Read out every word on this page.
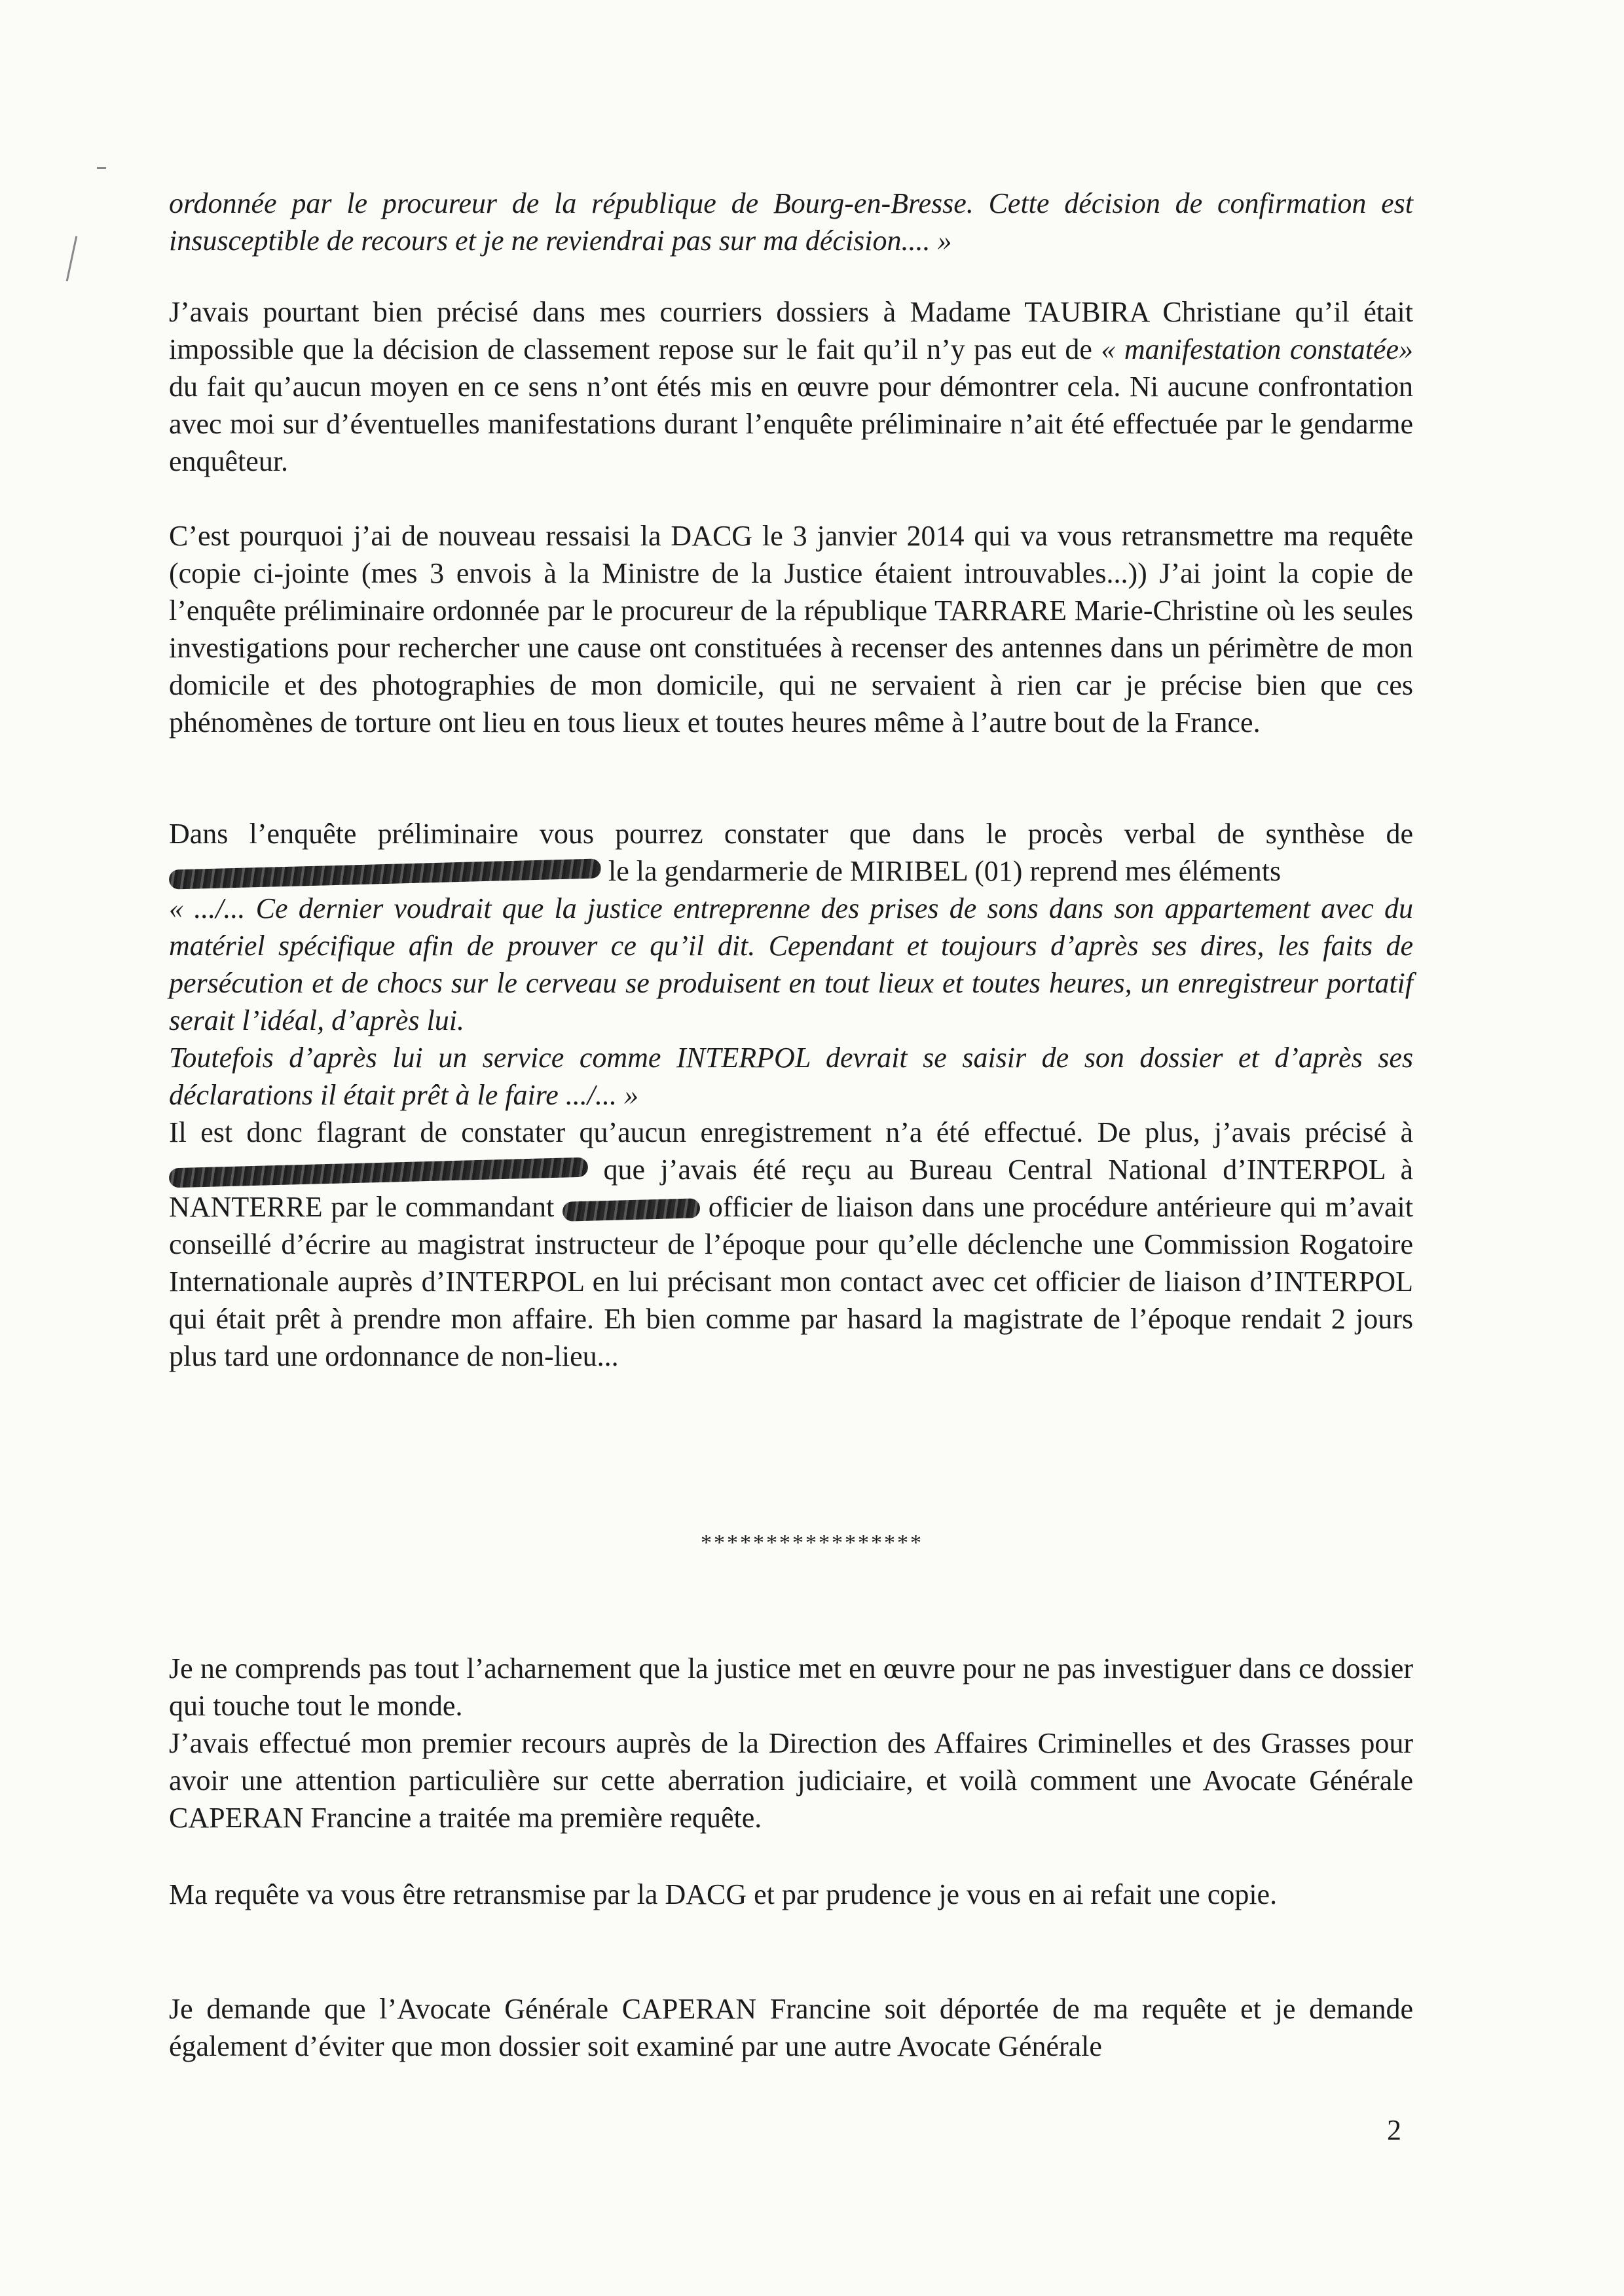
ordonnée par le procureur de la république de Bourg-en-Bresse. Cette décision de confirmation est insusceptible de recours et je ne reviendrai pas sur ma décision.... »

J’avais pourtant bien précisé dans mes courriers dossiers à Madame TAUBIRA Christiane qu’il était impossible que la décision de classement repose sur le fait qu’il n’y pas eut de « manifestation constatée» du fait qu’aucun moyen en ce sens n’ont étés mis en œuvre pour démontrer cela. Ni aucune confrontation avec moi sur d’éventuelles manifestations durant l’enquête préliminaire n’ait été effectuée par le gendarme enquêteur.

C’est pourquoi j’ai de nouveau ressaisi la DACG le 3 janvier 2014 qui va vous retransmettre ma requête (copie ci-jointe (mes 3 envois à la Ministre de la Justice étaient introuvables...)) J’ai joint la copie de l’enquête préliminaire ordonnée par le procureur de la république TARRARE Marie-Christine où les seules investigations pour rechercher une cause ont constituées à recenser des antennes dans un périmètre de mon domicile et des photographies de mon domicile, qui ne servaient à rien car je précise bien que ces phénomènes de torture ont lieu en tous lieux et toutes heures même à l’autre bout de la France.

Dans l’enquête préliminaire vous pourrez constater que dans le procès verbal de synthèse de  le la gendarmerie de MIRIBEL (01) reprend mes éléments

« .../... Ce dernier voudrait que la justice entreprenne des prises de sons dans son appartement avec du matériel spécifique afin de prouver ce qu’il dit. Cependant et toujours d’après ses dires, les faits de persécution et de chocs sur le cerveau se produisent en tout lieux et toutes heures, un enregistreur portatif serait l’idéal, d’après lui.

Toutefois d’après lui un service comme INTERPOL devrait se saisir de son dossier et d’après ses déclarations il était prêt à le faire .../... »

Il est donc flagrant de constater qu’aucun enregistrement n’a été effectué. De plus, j’avais précisé à  que j’avais été reçu au Bureau Central National d’INTERPOL à NANTERRE par le commandant	officier de liaison dans une procédure antérieure qui m’avait conseillé d’écrire au magistrat instructeur de l’époque pour qu’elle déclenche une Commission Rogatoire Internationale auprès d’INTERPOL en lui précisant mon contact avec cet officier de liaison d’INTERPOL qui était prêt à prendre mon affaire. Eh bien comme par hasard la magistrate de l’époque rendait 2 jours plus tard une ordonnance de non-lieu...

*****************

Je ne comprends pas tout l’acharnement que la justice met en œuvre pour ne pas investiguer dans ce dossier qui touche tout le monde.

J’avais effectué mon premier recours auprès de la Direction des Affaires Criminelles et des Grasses pour avoir une attention particulière sur cette aberration judiciaire, et voilà comment une Avocate Générale CAPERAN Francine a traitée ma première requête.

Ma requête va vous être retransmise par la DACG et par prudence je vous en ai refait une copie.

Je demande que l’Avocate Générale CAPERAN Francine soit déportée de ma requête et je demande également d’éviter que mon dossier soit examiné par une autre Avocate Générale

2
